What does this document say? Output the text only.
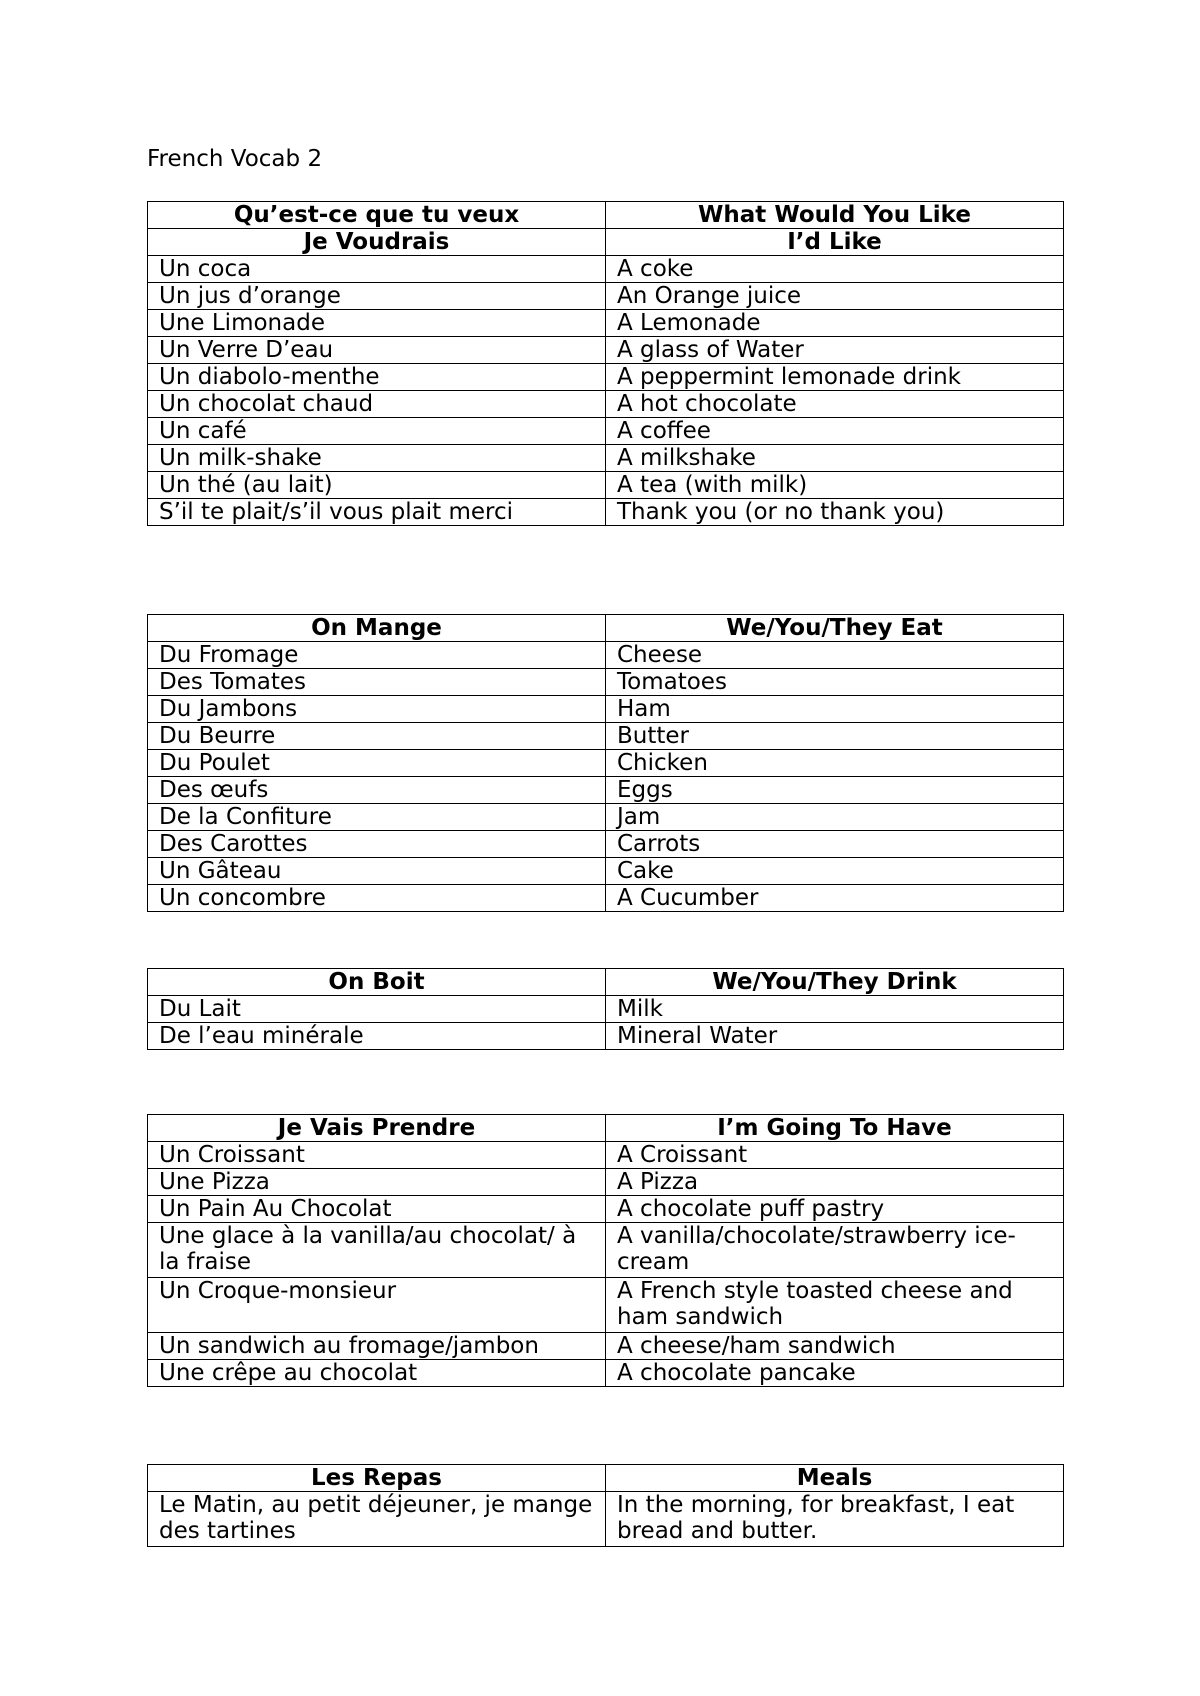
French Vocab 2
Qu’est-ce que tu veux	What Would You Like
Je Voudrais	I’d Like
Un coca	A coke
Un jus d’orange	An Orange juice
Une Limonade	A Lemonade
Un Verre D’eau	A glass of Water
Un diabolo-menthe	A peppermint lemonade drink
Un chocolat chaud	A hot chocolate
Un café	A coffee
Un milk-shake	A milkshake
Un thé (au lait)	A tea (with milk)
S’il te plait/s’il vous plait merci	Thank you (or no thank you)
On Mange	We/You/They Eat
Du Fromage	Cheese
Des Tomates	Tomatoes
Du Jambons	Ham
Du Beurre	Butter
Du Poulet	Chicken
Des œufs	Eggs
De la Confiture	Jam
Des Carottes	Carrots
Un Gâteau	Cake
Un concombre	A Cucumber
On Boit	We/You/They Drink
Du Lait	Milk
De l’eau minérale	Mineral Water
Je Vais Prendre	I’m Going To Have
Un Croissant	A Croissant
Une Pizza	A Pizza
Un Pain Au Chocolat	A chocolate puff pastry
Une glace à la vanilla/au chocolat/ à la fraise	A vanilla/chocolate/strawberry ice-cream
Un Croque-monsieur	A French style toasted cheese and ham sandwich
Un sandwich au fromage/jambon	A cheese/ham sandwich
Une crêpe au chocolat	A chocolate pancake
Les Repas	Meals
Le Matin, au petit déjeuner, je mange des tartines	In the morning, for breakfast, I eat bread and butter.
